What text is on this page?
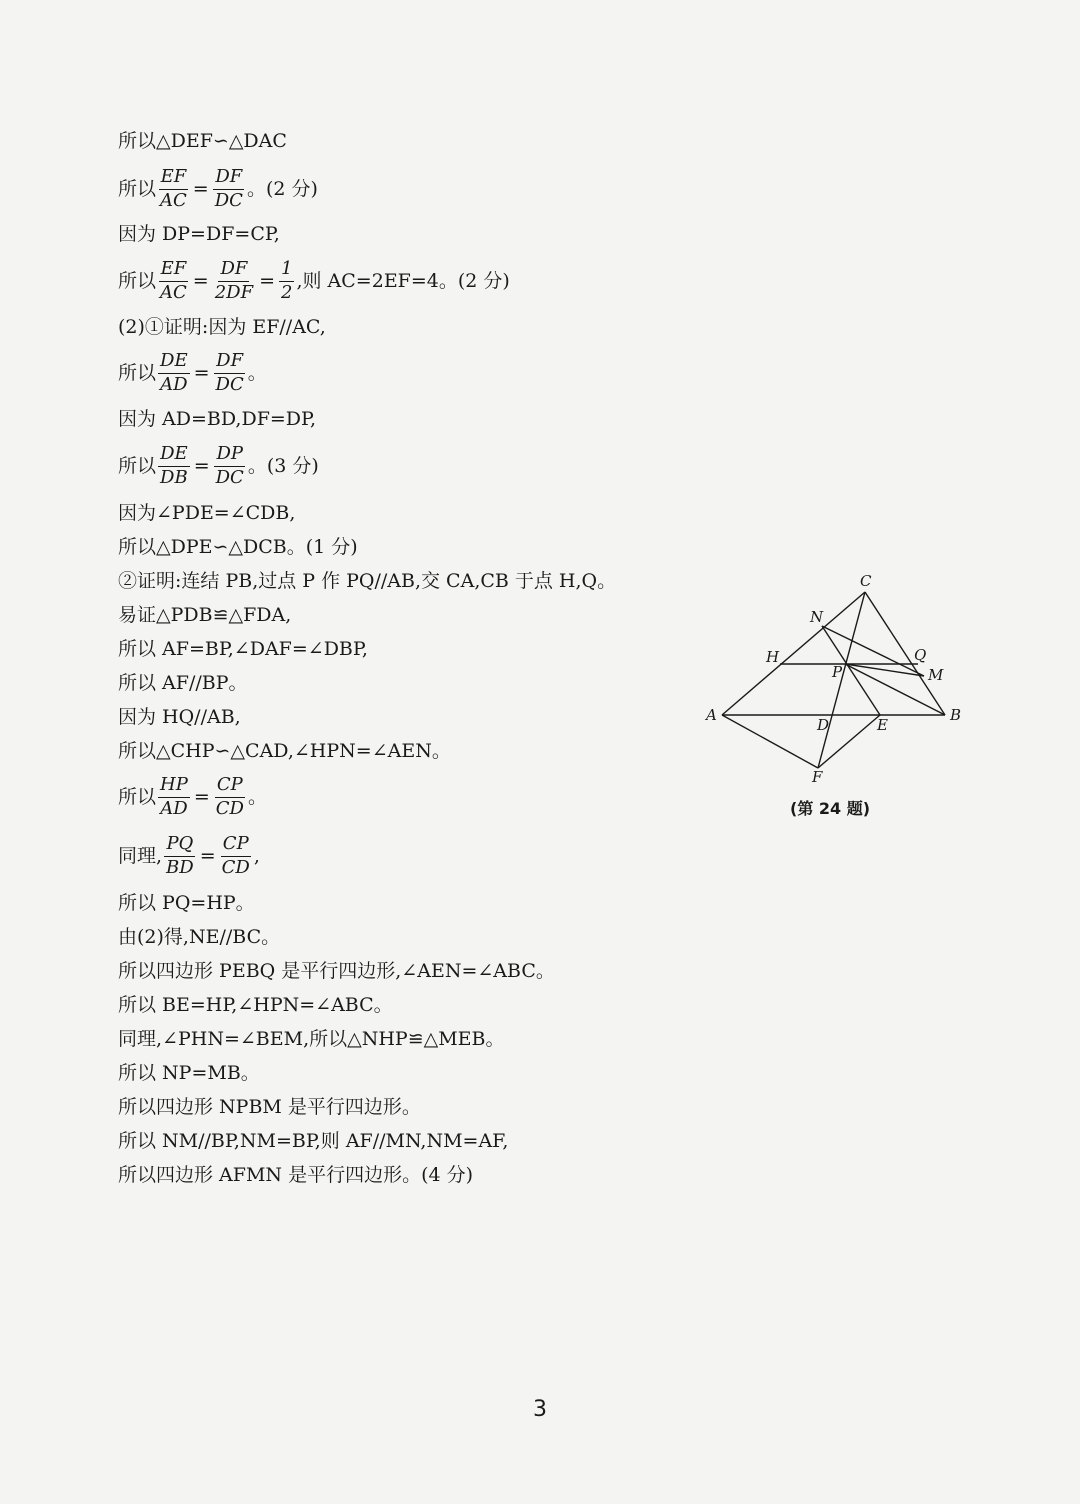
所以△DEF∽△DAC
所以 $\frac{EF}{AC} = \frac{DF}{DC}$ 。(2 分)
因为 DP=DF=CP,
所以 $\frac{EF}{AC} = \frac{DF}{2DF} = \frac{1}{2}$ ,则 AC=2EF=4。(2 分)
(2)①证明:因为 EF//AC,
所以 $\frac{DE}{AD} = \frac{DF}{DC}$ 。
因为 AD=BD,DF=DP,
所以 $\frac{DE}{DB} = \frac{DP}{DC}$ 。(3 分)
因为∠PDE=∠CDB,
所以△DPE∽△DCB。(1 分)
②证明:连结 PB,过点 P 作 PQ//AB,交 CA,CB 于点 H,Q。
易证△PDB≌△FDA,
所以 AF=BP,∠DAF=∠DBP,
所以 AF//BP。
因为 HQ//AB,
所以△CHP∽△CAD,∠HPN=∠AEN。
所以 $\frac{HP}{AD} = \frac{CP}{CD}$ 。
同理, $\frac{PQ}{BD} = \frac{CP}{CD}$ ,
所以 PQ=HP。
由(2)得,NE//BC。
所以四边形 PEBQ 是平行四边形,∠AEN=∠ABC。
所以 BE=HP,∠HPN=∠ABC。
同理,∠PHN=∠BEM,所以△NHP≌△MEB。
所以 NP=MB。
所以四边形 NPBM 是平行四边形。
所以 NM//BP,NM=BP,则 AF//MN,NM=AF,
所以四边形 AFMN 是平行四边形。(4 分)
C
N
H	Q
P	M
A	B
D	E
F
(第 24 题)
3
